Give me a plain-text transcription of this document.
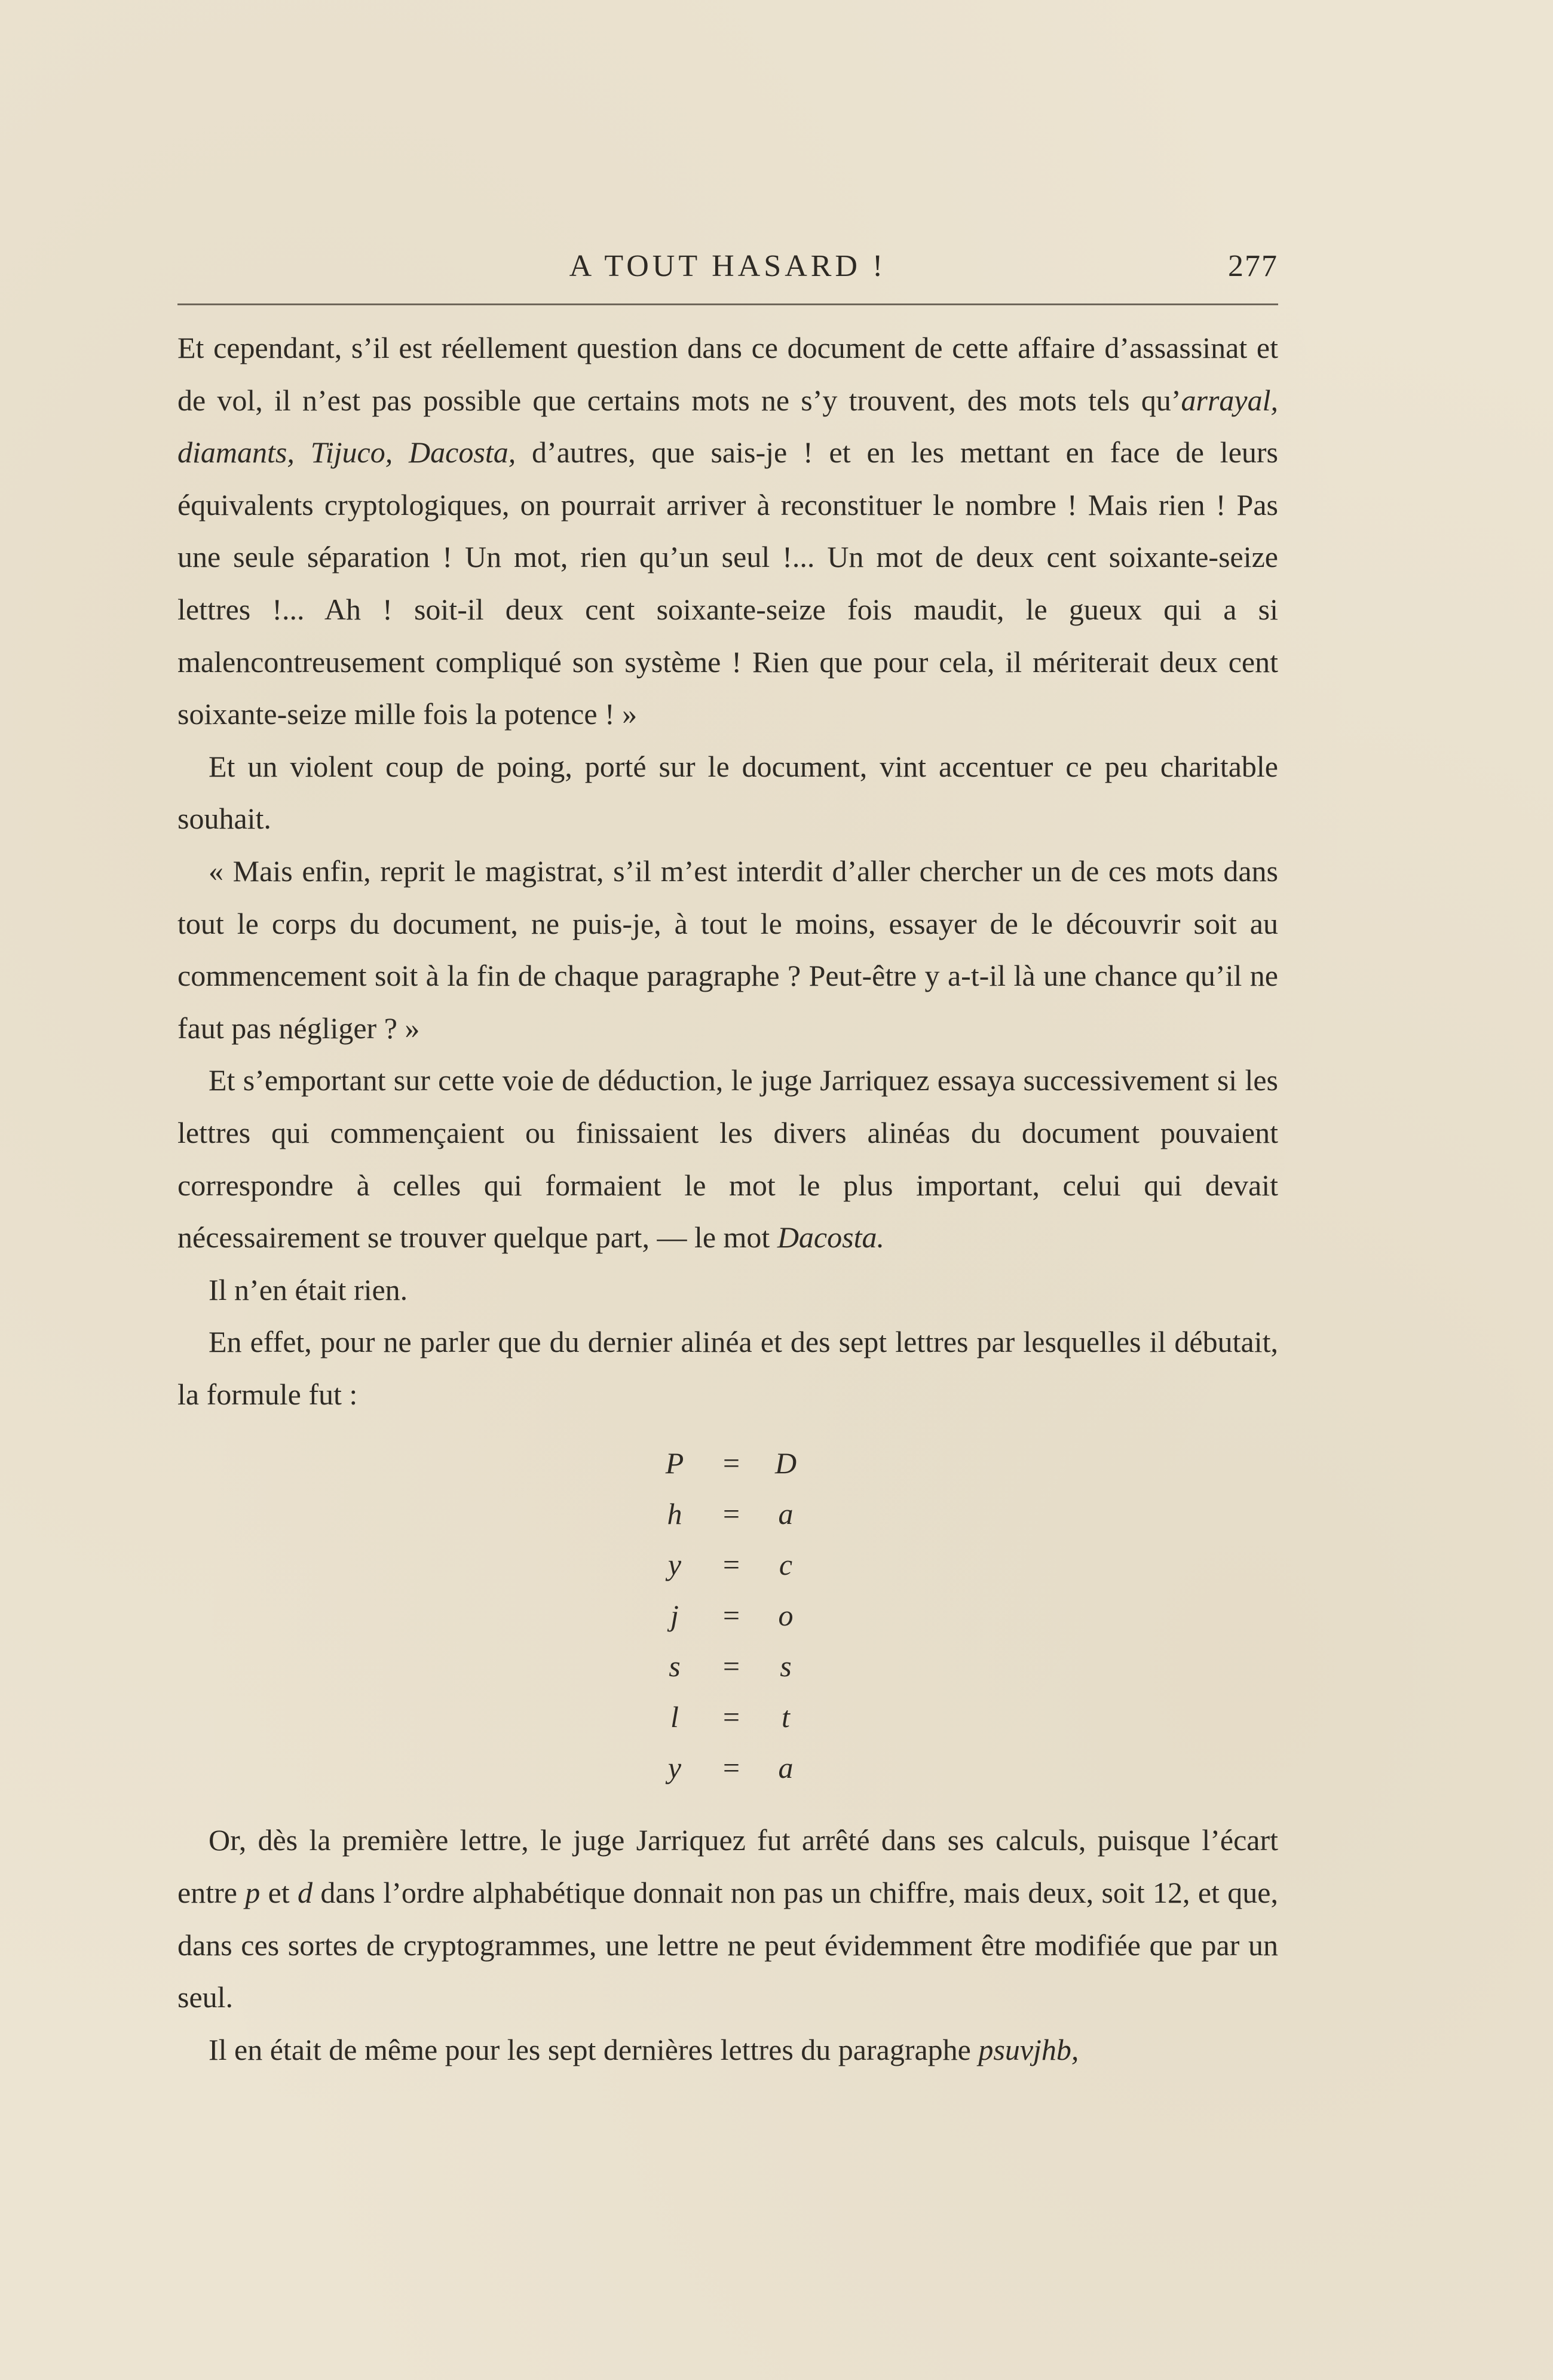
A TOUT HASARD !	277

Et cependant, s’il est réellement question dans ce document de cette affaire d’assassinat et de vol, il n’est pas possible que certains mots ne s’y trouvent, des mots tels qu’arrayal, diamants, Tijuco, Dacosta, d’autres, que sais-je ! et en les mettant en face de leurs équivalents cryptologiques, on pourrait arriver à reconstituer le nombre ! Mais rien ! Pas une seule séparation ! Un mot, rien qu’un seul !... Un mot de deux cent soixante-seize lettres !... Ah ! soit-il deux cent soixante-seize fois maudit, le gueux qui a si malencontreusement compliqué son système ! Rien que pour cela, il mériterait deux cent soixante-seize mille fois la potence ! »

Et un violent coup de poing, porté sur le document, vint accentuer ce peu charitable souhait.

« Mais enfin, reprit le magistrat, s’il m’est interdit d’aller chercher un de ces mots dans tout le corps du document, ne puis-je, à tout le moins, essayer de le découvrir soit au commencement soit à la fin de chaque paragraphe ? Peut-être y a-t-il là une chance qu’il ne faut pas négliger ? »

Et s’emportant sur cette voie de déduction, le juge Jarriquez essaya successivement si les lettres qui commençaient ou finissaient les divers alinéas du document pouvaient correspondre à celles qui formaient le mot le plus important, celui qui devait nécessairement se trouver quelque part, — le mot Dacosta.

Il n’en était rien.

En effet, pour ne parler que du dernier alinéa et des sept lettres par lesquelles il débutait, la formule fut :

P = D
h = a
y = c
j = o
s = s
l = t
y = a

Or, dès la première lettre, le juge Jarriquez fut arrêté dans ses calculs, puisque l’écart entre p et d dans l’ordre alphabétique donnait non pas un chiffre, mais deux, soit 12, et que, dans ces sortes de cryptogrammes, une lettre ne peut évidemment être modifiée que par un seul.

Il en était de même pour les sept dernières lettres du paragraphe psuvjhb,
